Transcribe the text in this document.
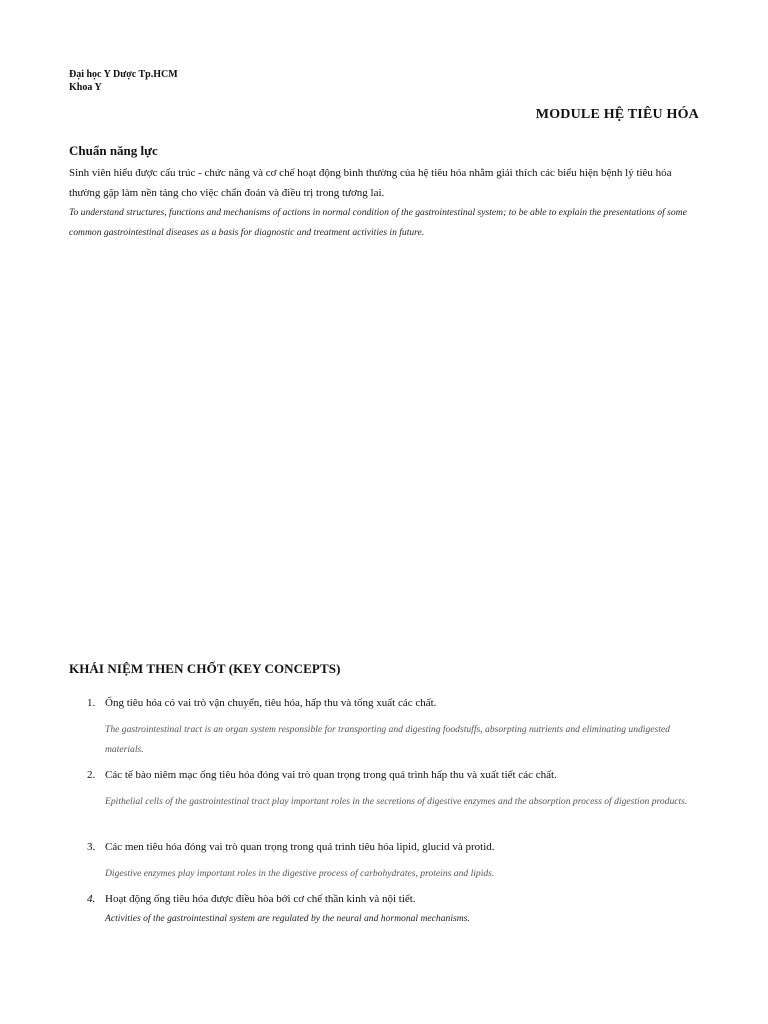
Đại học Y Dược Tp.HCM
Khoa Y
MODULE HỆ TIÊU HÓA
Chuẩn năng lực
Sinh viên hiểu được cấu trúc - chức năng và cơ chế hoạt động bình thường của hệ tiêu hóa nhằm giải thích các biểu hiện bệnh lý tiêu hóa thường gặp làm nền tảng cho việc chẩn đoán và điều trị trong tương lai.
To understand structures, functions and mechanisms of actions in normal condition of the gastrointestinal system; to be able to explain the presentations of some common gastrointestinal diseases as a basis for diagnostic and treatment activities in future.
KHÁI NIỆM THEN CHỐT (KEY CONCEPTS)
1. Ống tiêu hóa có vai trò vận chuyển, tiêu hóa, hấp thu và tống xuất các chất.
The gastrointestinal tract is an organ system responsible for transporting and digesting foodstuffs, absorpting nutrients and eliminating undigested materials.
2. Các tế bào niêm mạc ống tiêu hóa đóng vai trò quan trọng trong quá trình hấp thu và xuất tiết các chất.
Epithelial cells of the gastrointestinal tract play important roles in the secretions of digestive enzymes and the absorption process of digestion products.
3. Các men tiêu hóa đóng vai trò quan trọng trong quá trình tiêu hóa lipid, glucid và protid.
Digestive enzymes play important roles in the digestive process of carbohydrates, proteins and lipids.
4. Hoạt động ống tiêu hóa được điều hòa bởi cơ chế thần kinh và nội tiết.
Activities of the gastrointestinal system are regulated by the neural and hormonal mechanisms.
